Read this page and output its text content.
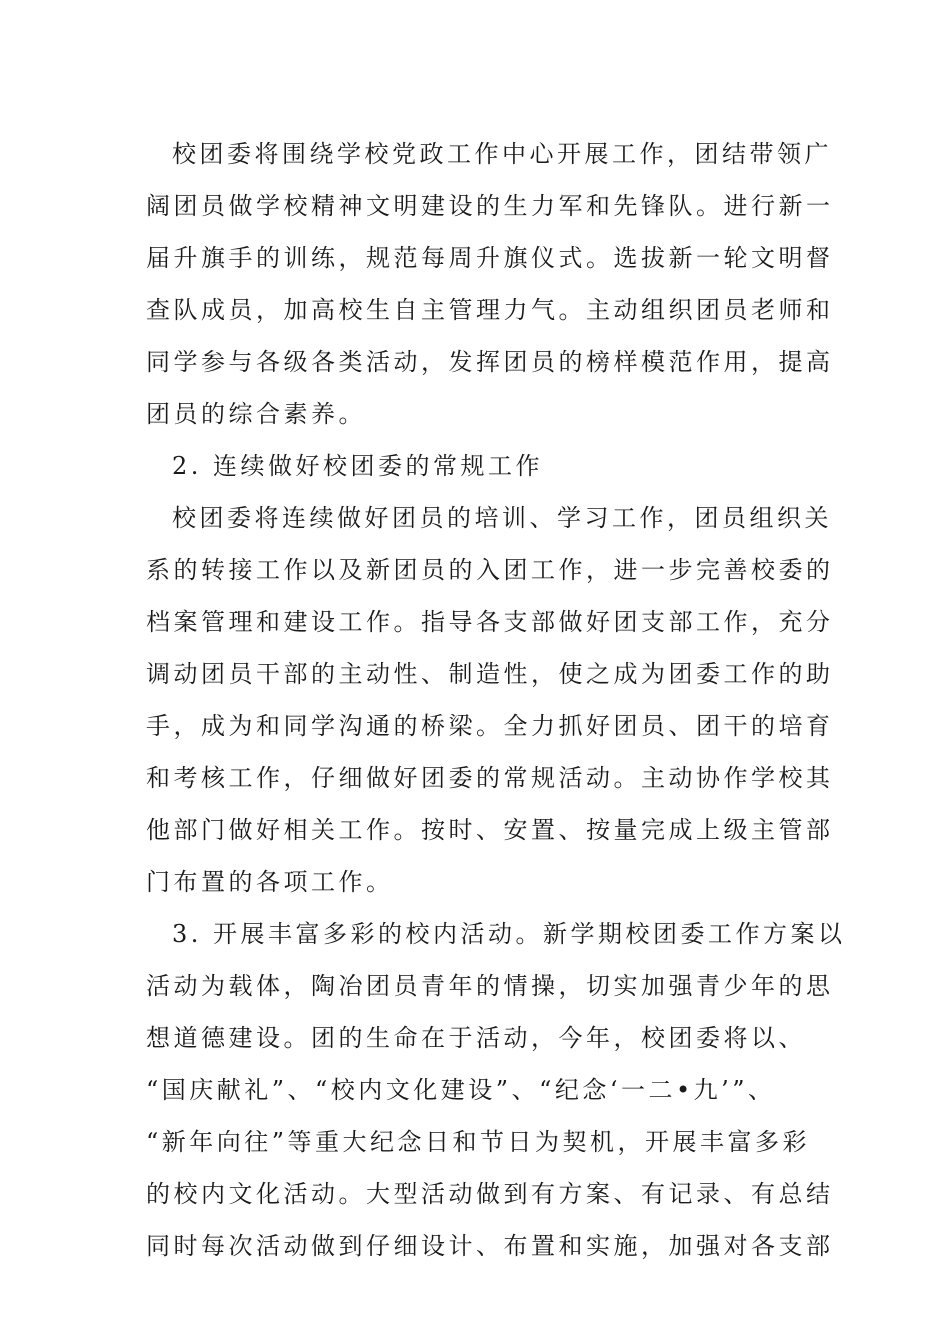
校团委将围绕学校党政工作中心开展工作，团结带领广
阔团员做学校精神文明建设的生力军和先锋队。进行新一
届升旗手的训练，规范每周升旗仪式。选拔新一轮文明督
查队成员，加高校生自主管理力气。主动组织团员老师和
同学参与各级各类活动，发挥团员的榜样模范作用，提高
团员的综合素养。
2. 连续做好校团委的常规工作
校团委将连续做好团员的培训、学习工作，团员组织关
系的转接工作以及新团员的入团工作，进一步完善校委的
档案管理和建设工作。指导各支部做好团支部工作，充分
调动团员干部的主动性、制造性，使之成为团委工作的助
手，成为和同学沟通的桥梁。全力抓好团员、团干的培育
和考核工作，仔细做好团委的常规活动。主动协作学校其
他部门做好相关工作。按时、安置、按量完成上级主管部
门布置的各项工作。
3. 开展丰富多彩的校内活动。新学期校团委工作方案以
活动为载体，陶冶团员青年的情操，切实加强青少年的思
想道德建设。团的生命在于活动，今年，校团委将以、
“国庆献礼”、“校内文化建设”、“纪念‘一二•九’”、
“新年向往”等重大纪念日和节日为契机，开展丰富多彩
的校内文化活动。大型活动做到有方案、有记录、有总结
同时每次活动做到仔细设计、布置和实施，加强对各支部
